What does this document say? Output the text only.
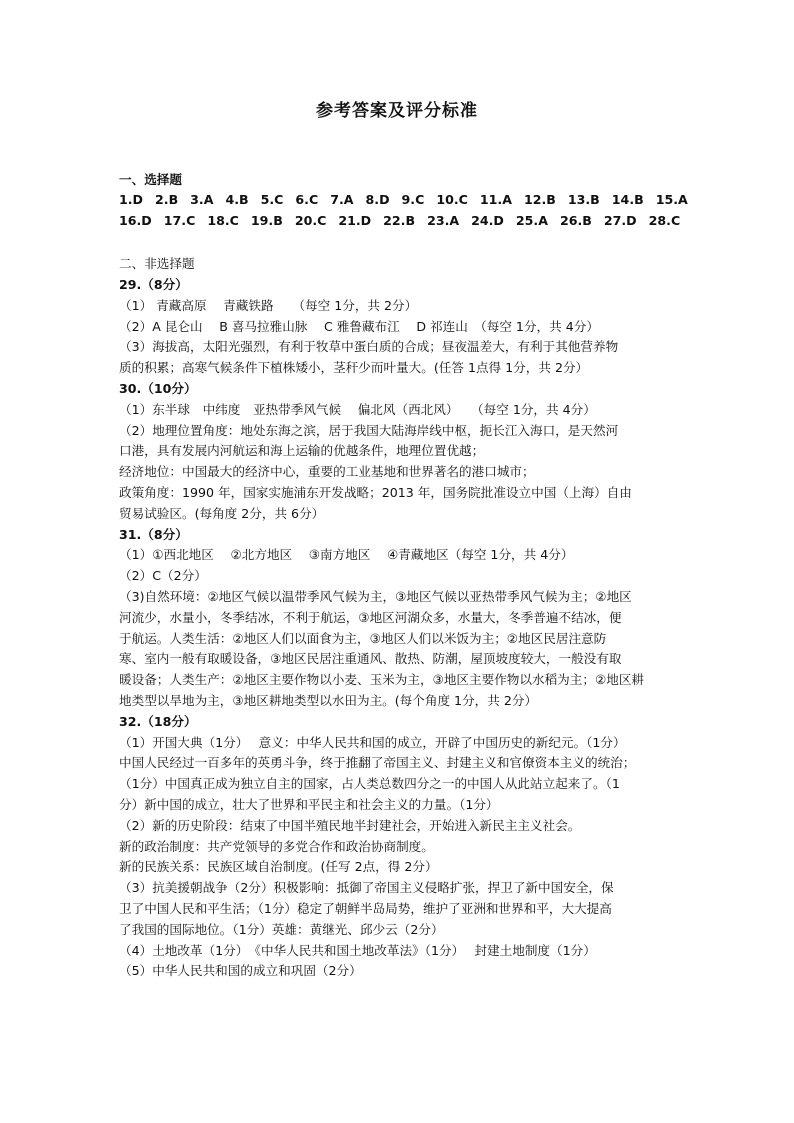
参考答案及评分标准
一、选择题
1.D 2.B 3.A 4.B 5.C 6.C 7.A 8.D 9.C 10.C 11.A 12.B 13.B 14.B 15.A
16.D 17.C 18.C 19.B 20.C 21.D 22.B 23.A 24.D 25.A 26.B 27.D 28.C
二、非选择题
29.（8分）
（1） 青藏高原　 青藏铁路　　（每空 1分，共 2分）
（2）A 昆仑山　 B 喜马拉雅山脉　 C 雅鲁藏布江　 D 祁连山　（每空 1分，共 4分）
（3）海拔高，太阳光强烈，有利于牧草中蛋白质的合成；昼夜温差大，有利于其他营养物
质的积累；高寒气候条件下植株矮小，茎秆少而叶量大。(任答 1点得 1分，共 2分）
30.（10分）
（1）东半球　中纬度　亚热带季风气候　 偏北风（西北风）　　（每空 1分，共 4分）
（2）地理位置角度：地处东海之滨，居于我国大陆海岸线中枢，扼长江入海口，是天然河
口港，具有发展内河航运和海上运输的优越条件，地理位置优越；
经济地位：中国最大的经济中心，重要的工业基地和世界著名的港口城市；
政策角度：1990 年，国家实施浦东开发战略；2013 年，国务院批准设立中国（上海）自由
贸易试验区。(每角度 2分，共 6分）
31.（8分）
（1）①西北地区　 ②北方地区　 ③南方地区　 ④青藏地区（每空 1分，共 4分）
（2）C（2分）
（3)自然环境：②地区气候以温带季风气候为主，③地区气候以亚热带季风气候为主；②地区
河流少，水量小，冬季结冰，不利于航运，③地区河湖众多，水量大，冬季普遍不结冰，便
于航运。人类生活：②地区人们以面食为主，③地区人们以米饭为主；②地区民居注意防
寒、室内一般有取暖设备，③地区民居注重通风、散热、防潮，屋顶坡度较大，一般没有取
暖设备；人类生产：②地区主要作物以小麦、玉米为主，③地区主要作物以水稻为主；②地区耕
地类型以旱地为主，③地区耕地类型以水田为主。(每个角度 1分，共 2分）
32.（18分）
（1）开国大典（1分）　 意义：中华人民共和国的成立，开辟了中国历史的新纪元。（1分）
中国人民经过一百多年的英勇斗争，终于推翻了帝国主义、封建主义和官僚资本主义的统治；
（1分）中国真正成为独立自主的国家，占人类总数四分之一的中国人从此站立起来了。（1
分）新中国的成立，壮大了世界和平民主和社会主义的力量。（1分）
（2）新的历史阶段：结束了中国半殖民地半封建社会，开始进入新民主主义社会。
新的政治制度：共产党领导的多党合作和政治协商制度。
新的民族关系：民族区域自治制度。(任写 2点，得 2分）
（3）抗美援朝战争（2分）积极影响：抵御了帝国主义侵略扩张，捍卫了新中国安全，保
卫了中国人民和平生活；（1分）稳定了朝鲜半岛局势，维护了亚洲和世界和平，大大提高
了我国的国际地位。（1分）英雄：黄继光、邱少云（2分）
（4）土地改革（1分）　《中华人民共和国土地改革法》（1分）　 封建土地制度（1分）
（5）中华人民共和国的成立和巩固（2分）
